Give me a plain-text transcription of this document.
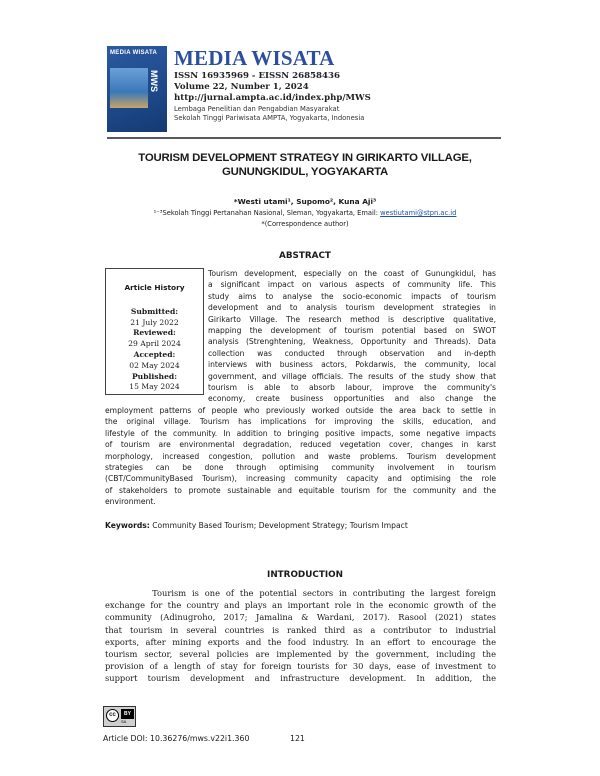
MEDIA WISATA
MWS
MEDIA WISATA
ISSN 16935969 - EISSN 26858436
Volume 22, Number 1, 2024
http://jurnal.ampta.ac.id/index.php/MWS
Lembaga Penelitian dan Pengabdian Masyarakat
Sekolah Tinggi Pariwisata AMPTA, Yogyakarta, Indonesia
TOURISM DEVELOPMENT STRATEGY IN GIRIKARTO VILLAGE,
GUNUNGKIDUL, YOGYAKARTA
*Westi utami¹, Supomo², Kuna Aji³
¹⁻³Sekolah Tinggi Pertanahan Nasional, Sleman, Yogyakarta, Email: westiutami@stpn.ac.id
*(Correspondence author)
ABSTRACT
Article History
Submitted:
21 July 2022
Reviewed:
29 April 2024
Accepted:
02 May 2024
Published:
15 May 2024
Tourism development, especially on the coast of Gunungkidul, has
a significant impact on various aspects of community life. This
study aims to analyse the socio-economic impacts of tourism
development and to analysis tourism development strategies in
Girikarto Village. The research method is descriptive qualitative,
mapping the development of tourism potential based on SWOT
analysis (Strenghtening, Weakness, Opportunity and Threads). Data
collection was conducted through observation and in-depth
interviews with business actors, Pokdarwis, the community, local
government, and village officials. The results of the study show that
tourism is able to absorb labour, improve the community's
economy, create business opportunities and also change the
employment patterns of people who previously worked outside the area back to settle in
the original village. Tourism has implications for improving the skills, education, and
lifestyle of the community. In addition to bringing positive impacts, some negative impacts
of tourism are environmental degradation, reduced vegetation cover, changes in karst
morphology, increased congestion, pollution and waste problems. Tourism development
strategies can be done through optimising community involvement in tourism
(CBT/CommunityBased Tourism), increasing community capacity and optimising the role
of stakeholders to promote sustainable and equitable tourism for the community and the
environment.
Keywords: Community Based Tourism; Development Strategy; Tourism Impact
INTRODUCTION
Tourism is one of the potential sectors in contributing the largest foreign
exchange for the country and plays an important role in the economic growth of the
community (Adinugroho, 2017; Jamalina & Wardani, 2017). Rasool (2021) states
that tourism in several countries is ranked third as a contributor to industrial
exports, after mining exports and the food industry. In an effort to encourage the
tourism sector, several policies are implemented by the government, including the
provision of a length of stay for foreign tourists for 30 days, ease of investment to
support tourism development and infrastructure development. In addition, the
cc	BY
SA
Article DOI: 10.36276/mws.v22i1.360	121
